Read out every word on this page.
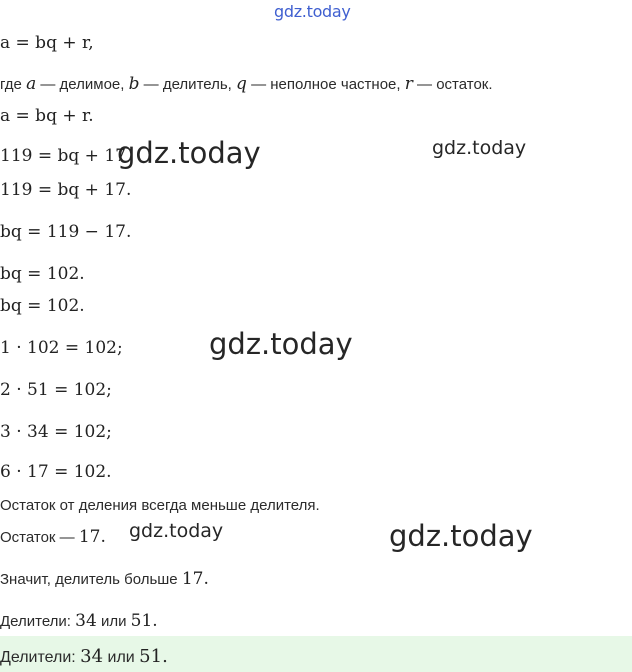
gdz.today
gdz.today	gdz.today
gdz.today
gdz.today	gdz.today
a = bq + r,
где a — делимое, b — делитель, q — неполное частное, r — остаток.
a = bq + r.
119 = bq + 17
119 = bq + 17.
bq = 119 − 17.
bq = 102.
bq = 102.
1 · 102 = 102;
2 · 51 = 102;
3 · 34 = 102;
6 · 17 = 102.
Остаток от деления всегда меньше делителя.
Остаток — 17.
Значит, делитель больше 17.
Делители: 34 или 51.
Делители: 34 или 51.
